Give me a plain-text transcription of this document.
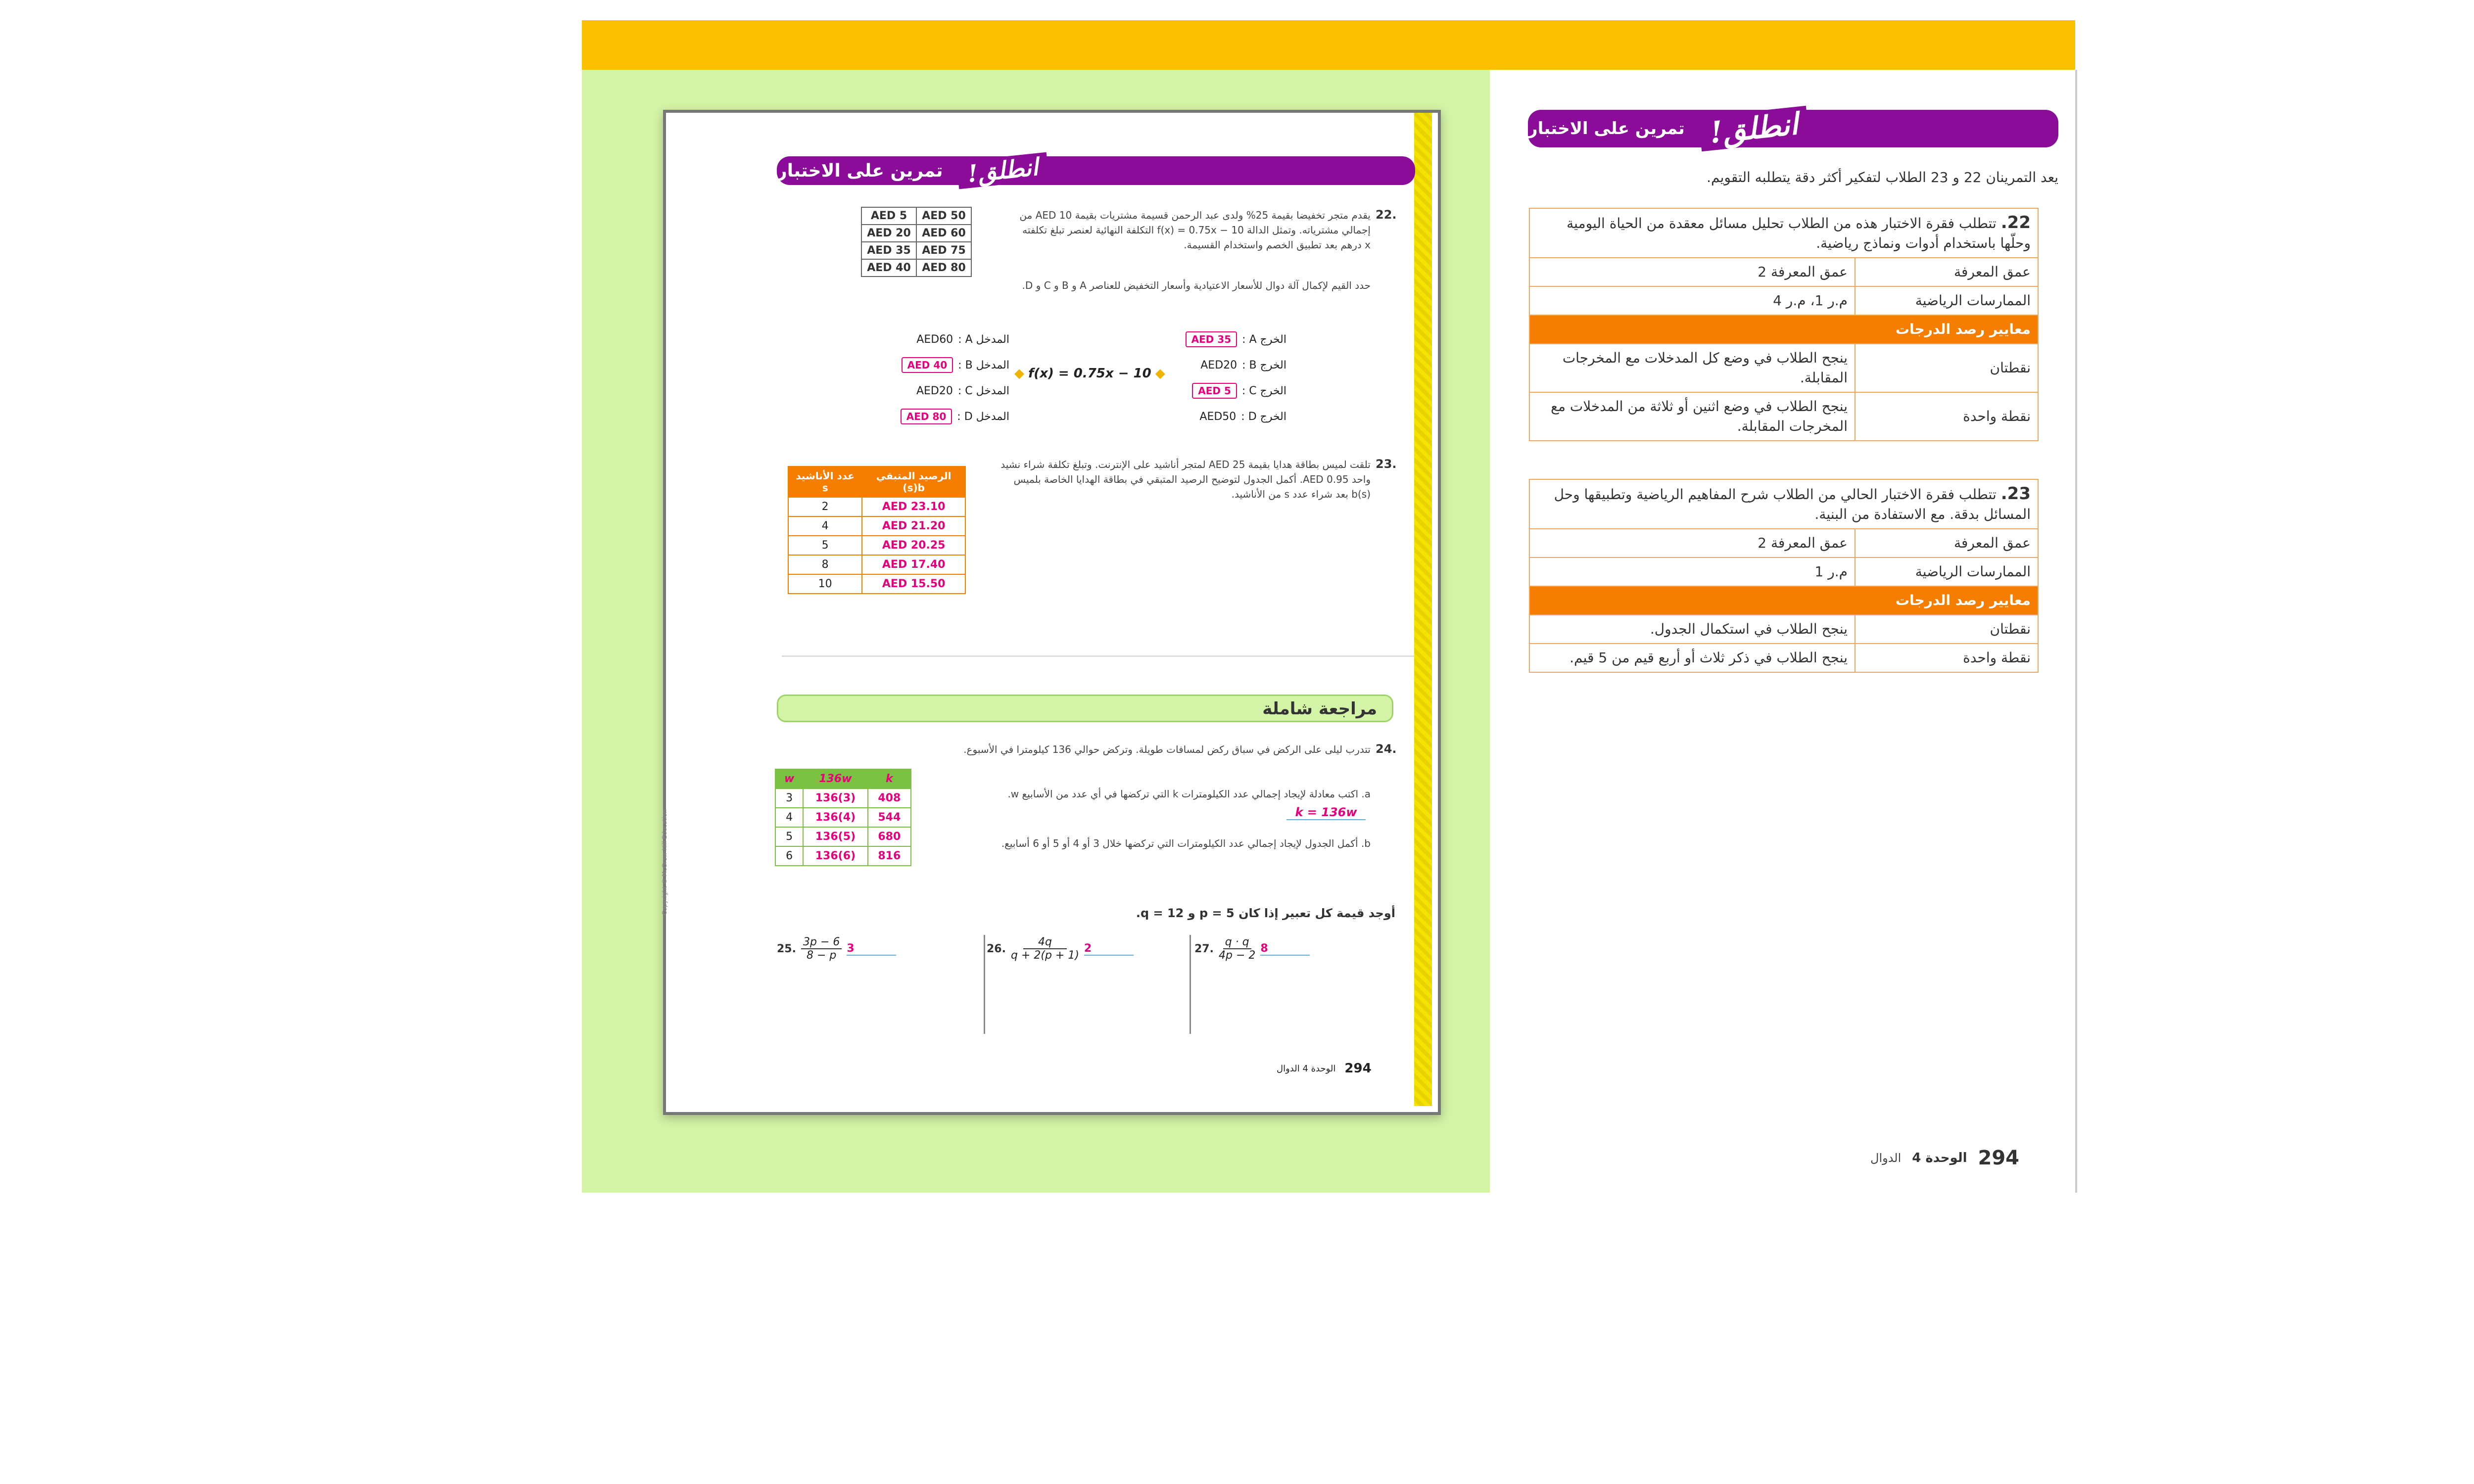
انطلق!
تمرين على الاختبار
22.
يقدم متجر تخفيضا بقيمة 25% ولدى عبد الرحمن قسيمة مشتريات بقيمة 10 AED من إجمالي مشترياته. وتمثل الدالة f(x) = 0.75x − 10 التكلفة النهائية لعنصر تبلغ تكلفته x درهم بعد تطبيق الخصم واستخدام القسيمة.
حدد القيم لإكمال آلة دوال للأسعار الاعتيادية وأسعار التخفيض للعناصر A و B و C و D.
AED 5	AED 50
AED 20	AED 60
AED 35	AED 75
AED 40	AED 80
AED60 المدخل A :
AED 40	المدخل B :
AED20 المدخل C :
AED 80	المدخل D :
◆ f(x) = 0.75x − 10 ◆
AED 35	الخرج A :
AED20 الخرج B :
AED 5	الخرج C :
AED50 الخرج D :
23.
تلقت لميس بطاقة هدايا بقيمة 25 AED لمتجر أناشيد على الإنترنت. وتبلغ تكلفة شراء نشيد واحد 0.95 AED. أكمل الجدول لتوضيح الرصيد المتبقي في بطاقة الهدايا الخاصة بلميس (s)b بعد شراء عدد s من الأناشيد.
عدد الأناشيد s	الرصيد المتبقي (s)b
2	AED 23.10
4	AED 21.20
5	AED 20.25
8	AED 17.40
10	AED 15.50
مراجعة شاملة
24.
تتدرب ليلى على الركض في سباق ركض لمسافات طويلة. وتركض حوالي 136 كيلومترا في الأسبوع.
a. اكتب معادلة لإيجاد إجمالي عدد الكيلومترات k التي تركضها في أي عدد من الأسابيع w.
k = 136w
b. أكمل الجدول لإيجاد إجمالي عدد الكيلومترات التي تركضها خلال 3 أو 4 أو 5 أو 6 أسابيع.
w	136w	k
3	136(3)	408
4	136(4)	544
5	136(5)	680
6	136(6)	816
أوجد قيمة كل تعبير إذا كان p = 5 و q = 12.
25.
3p − 6
8 − p
3	26.
4q
q + 2(p + 1)
2	27.
q · q
4p − 2
8
الوحدة 4 الدوال 294
Copyright © McGraw-Hill Education
انطلق!
تمرين على الاختبار
يعد التمرينان 22 و 23 الطلاب لتفكير أكثر دقة يتطلبه التقويم.
22. تتطلب فقرة الاختبار هذه من الطلاب تحليل مسائل معقدة من الحياة اليومية وحلّها باستخدام أدوات ونماذج رياضية.	
عمق المعرفة 2	عمق المعرفة
م.ر 1، م.ر 4	الممارسات الرياضية
معايير رصد الدرجات	
ينجح الطلاب في وضع كل المدخلات مع المخرجات المقابلة.	نقطتان
ينجح الطلاب في وضع اثنين أو ثلاثة من المدخلات مع المخرجات المقابلة.	نقطة واحدة
23. تتطلب فقرة الاختبار الحالي من الطلاب شرح المفاهيم الرياضية وتطبيقها وحل المسائل بدقة. مع الاستفادة من البنية.	
عمق المعرفة 2	عمق المعرفة
م.ر 1	الممارسات الرياضية
معايير رصد الدرجات	
ينجح الطلاب في استكمال الجدول.	نقطتان
ينجح الطلاب في ذكر ثلاث أو أربع قيم من 5 قيم.	نقطة واحدة
الدوال الوحدة 4 294
